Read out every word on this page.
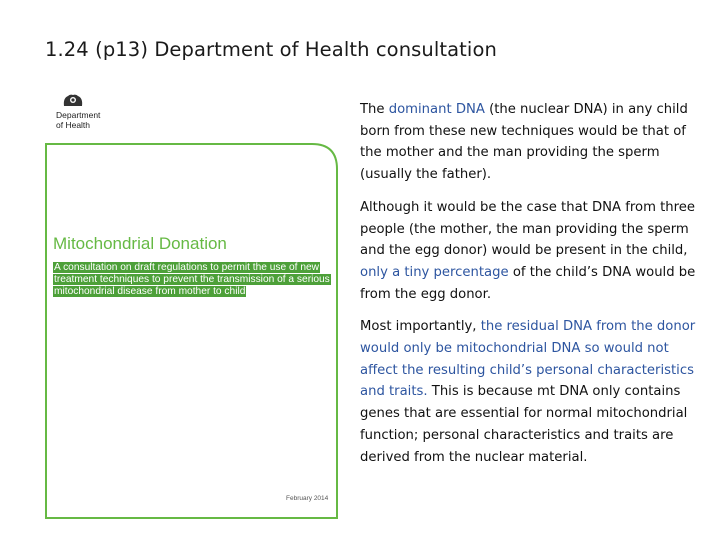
1.24 (p13) Department of Health consultation
Department
of Health
Mitochondrial Donation
A consultation on draft regulations to permit the use of new treatment techniques to prevent the transmission of a serious mitochondrial disease from mother to child
February 2014

The dominant DNA (the nuclear DNA) in any child born from these new techniques would be that of the mother and the man providing the sperm (usually the father).

Although it would be the case that DNA from three people (the mother, the man providing the sperm and the egg donor) would be present in the child, only a tiny percentage of the child’s DNA would be from the egg donor.

Most importantly, the residual DNA from the donor would only be mitochondrial DNA so would not affect the resulting child’s personal characteristics and traits. This is because mt DNA only contains genes that are essential for normal mitochondrial function; personal characteristics and traits are derived from the nuclear material.
